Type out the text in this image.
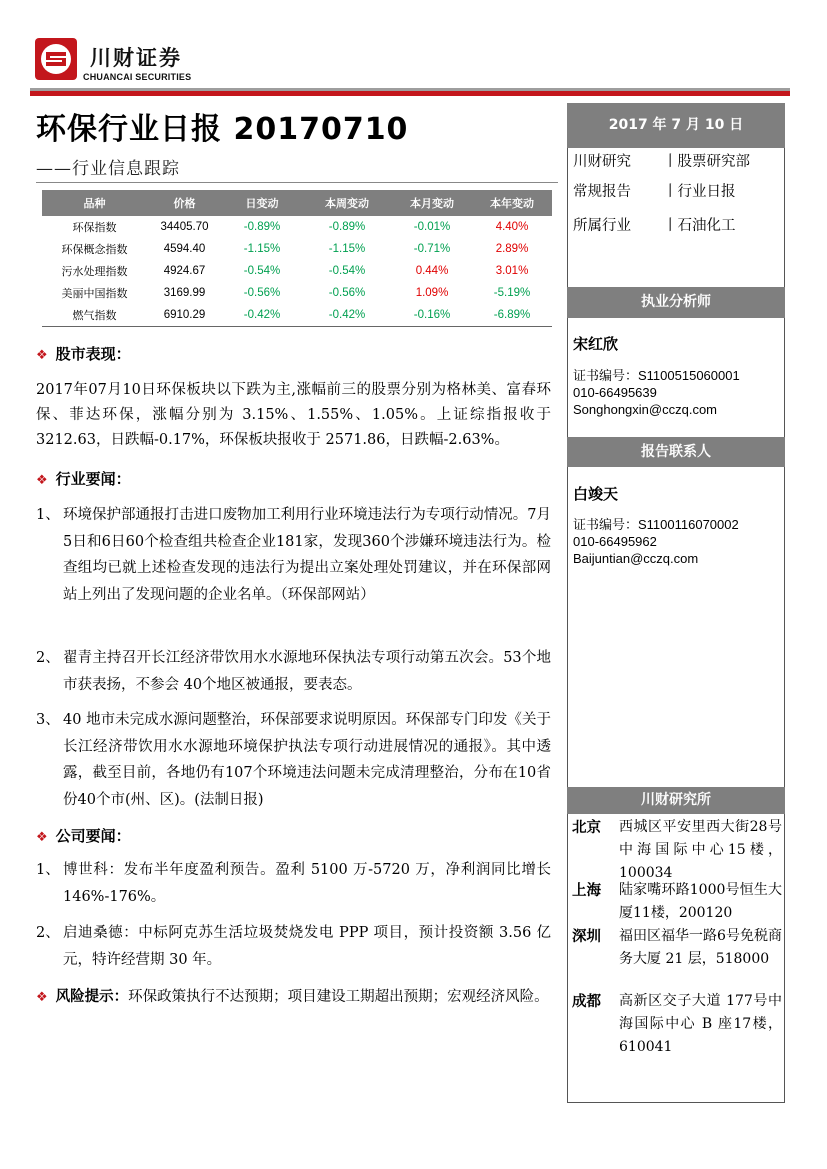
川财证券
CHUANCAI SECURITIES
环保行业日报 20170710
——行业信息跟踪
品种	价格	日变动	本周变动	本月变动	本年变动
环保指数	34405.70	-0.89%	-0.89%	-0.01%	4.40%
环保概念指数	4594.40	-1.15%	-1.15%	-0.71%	2.89%
污水处理指数	4924.67	-0.54%	-0.54%	0.44%	3.01%
美丽中国指数	3169.99	-0.56%	-0.56%	1.09%	-5.19%
燃气指数	6910.29	-0.42%	-0.42%	-0.16%	-6.89%
❖ 股市表现：
2017年07月10日环保板块以下跌为主,涨幅前三的股票分别为格林美、富春环保、菲达环保，涨幅分别为 3.15%、1.55%、1.05%。上证综指报收于 3212.63，日跌幅-0.17%，环保板块报收于 2571.86，日跌幅-2.63%。
❖ 行业要闻：
1、 环境保护部通报打击进口废物加工利用行业环境违法行为专项行动情况。7月5日和6日60个检查组共检查企业181家，发现360个涉嫌环境违法行为。检查组均已就上述检查发现的违法行为提出立案处理处罚建议，并在环保部网站上列出了发现问题的企业名单。（环保部网站）
2、 翟青主持召开长江经济带饮用水水源地环保执法专项行动第五次会。53个地市获表扬，不参会 40个地区被通报，要表态。
3、 40 地市未完成水源问题整治，环保部要求说明原因。环保部专门印发《关于长江经济带饮用水水源地环境保护执法专项行动进展情况的通报》。其中透露，截至目前，各地仍有107个环境违法问题未完成清理整治，分布在10省份40个市(州、区)。(法制日报)
❖ 公司要闻：
1、 博世科：发布半年度盈利预告。盈利 5100 万-5720 万，净利润同比增长 146%-176%。
2、 启迪桑德：中标阿克苏生活垃圾焚烧发电 PPP 项目，预计投资额 3.56 亿元，特许经营期 30 年。
❖ 风险提示：环保政策执行不达预期；项目建设工期超出预期；宏观经济风险。
2017 年 7 月 10 日
川财研究 丨股票研究部
常规报告 丨行业日报
所属行业 丨石油化工
执业分析师
宋红欣
证书编号：S1100515060001
010-66495639
Songhongxin@cczq.com
报告联系人
白竣天
证书编号：S1100116070002
010-66495962
Baijuntian@cczq.com
川财研究所
北京 西城区平安里西大街28号中海国际中心15楼，100034
上海 陆家嘴环路1000号恒生大厦11楼，200120
深圳 福田区福华一路6号免税商务大厦 21 层，518000
成都 高新区交子大道 177号中海国际中心 B 座17楼，610041
